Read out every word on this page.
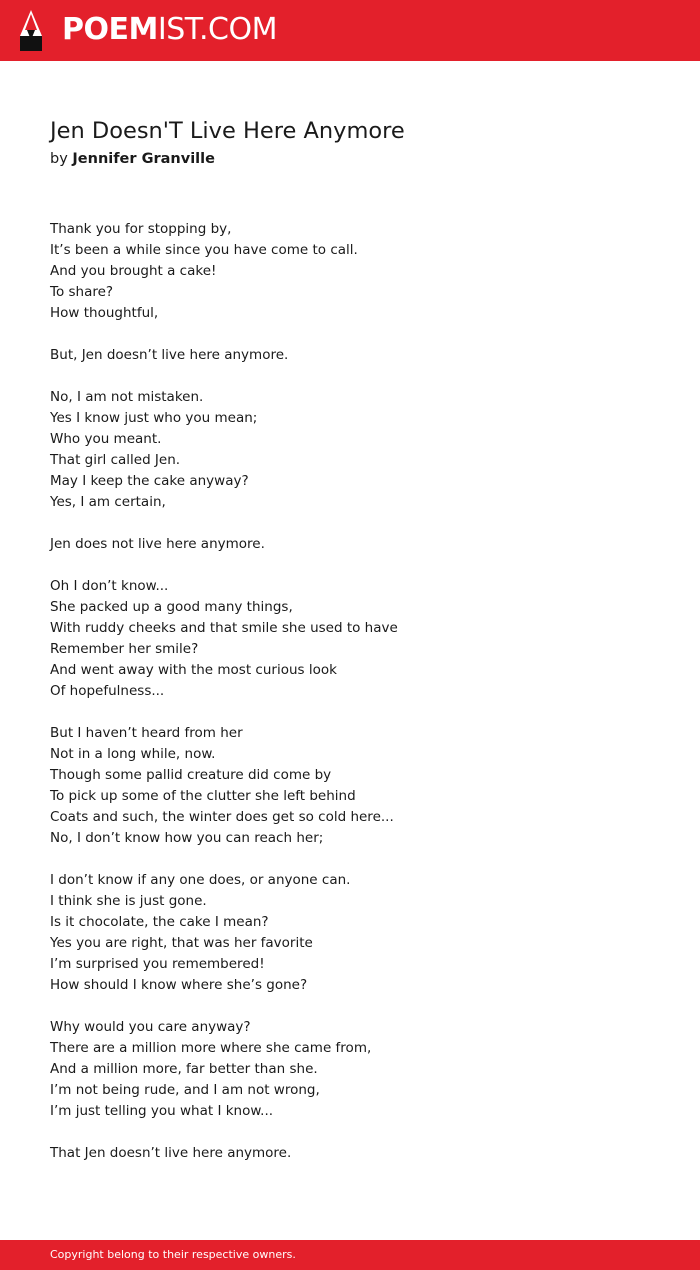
POEMIST.COM
Jen Doesn'T Live Here Anymore
by Jennifer Granville
Thank you for stopping by,
It’s been a while since you have come to call.
And you brought a cake!
To share?
How thoughtful,
But, Jen doesn’t live here anymore.
No, I am not mistaken.
Yes I know just who you mean;
Who you meant.
That girl called Jen.
May I keep the cake anyway?
Yes, I am certain,
Jen does not live here anymore.
Oh I don’t know...
She packed up a good many things,
With ruddy cheeks and that smile she used to have
Remember her smile?
And went away with the most curious look
Of hopefulness...
But I haven’t heard from her
Not in a long while, now.
Though some pallid creature did come by
To pick up some of the clutter she left behind
Coats and such, the winter does get so cold here...
No, I don’t know how you can reach her;
I don’t know if any one does, or anyone can.
I think she is just gone.
Is it chocolate, the cake I mean?
Yes you are right, that was her favorite
I’m surprised you remembered!
How should I know where she’s gone?
Why would you care anyway?
There are a million more where she came from,
And a million more, far better than she.
I’m not being rude, and I am not wrong,
I’m just telling you what I know...
That Jen doesn’t live here anymore.
Copyright belong to their respective owners.
